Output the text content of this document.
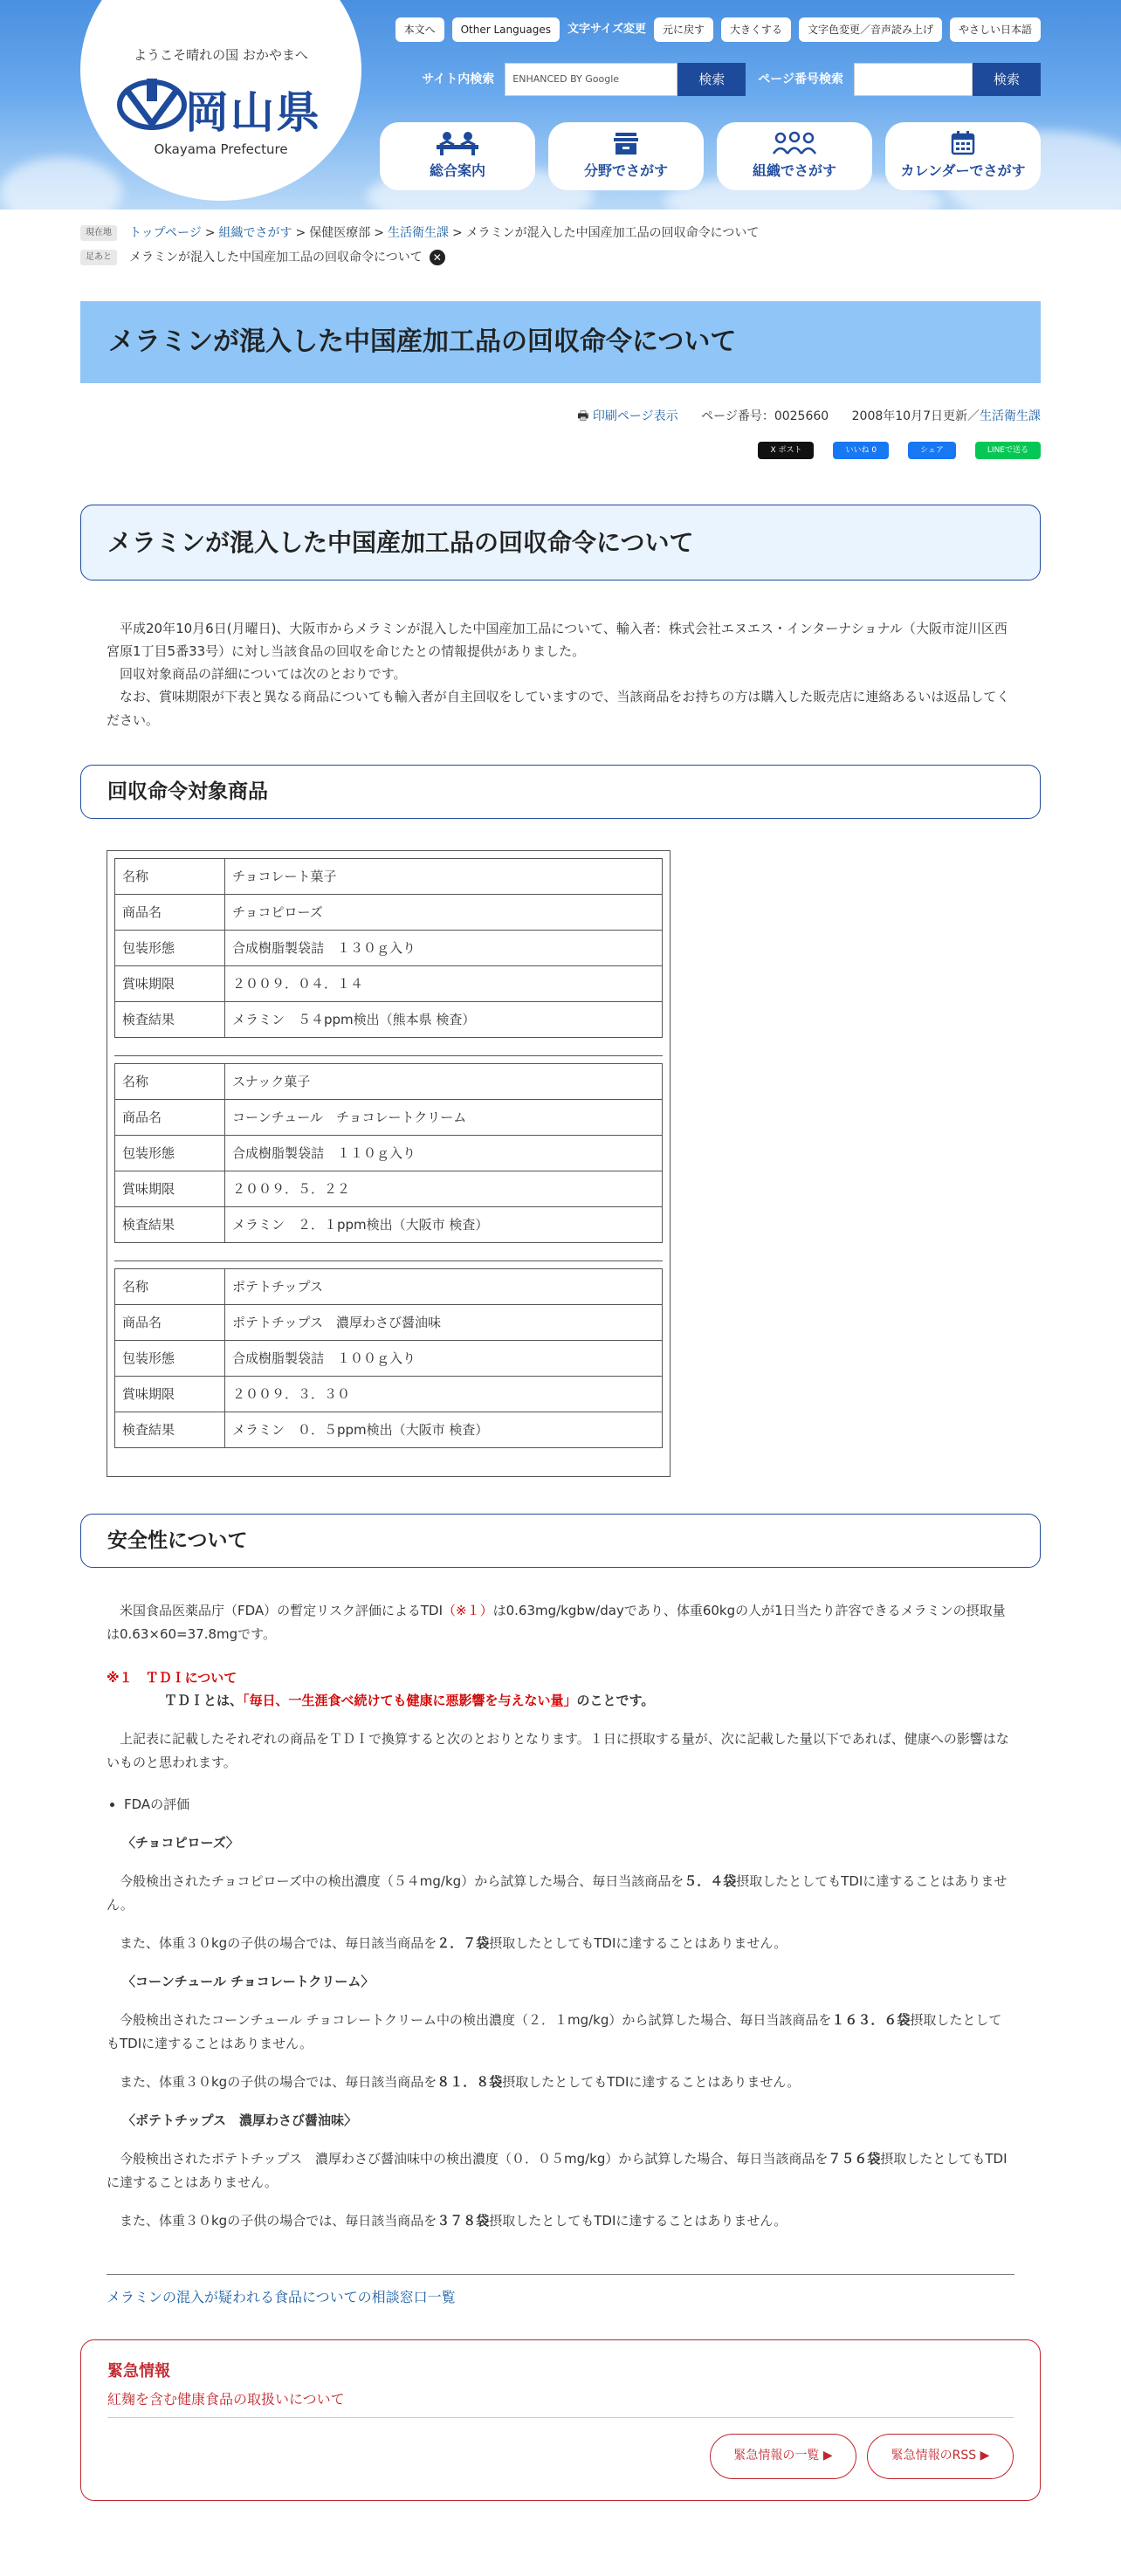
ようこそ晴れの国 おかやまへ
岡山県
Okayama Prefecture
本文へ	Other Languages	文字サイズ変更	元に戻す	大きくする	文字色変更／音声読み上げ	やさしい日本語
サイト内検索	ENHANCED BY Google	検索	ページ番号検索	検索
総合案内	分野でさがす	組織でさがす	カレンダーでさがす
現在地	トップページ > 組織でさがす > 保健医療部 > 生活衛生課 > メラミンが混入した中国産加工品の回収命令について
足あと	メラミンが混入した中国産加工品の回収命令について ✕
メラミンが混入した中国産加工品の回収命令について
🖶 印刷ページ表示 ページ番号：0025660 2008年10月7日更新／生活衛生課
X ポスト	いいね 0	シェア	LINEで送る
メラミンが混入した中国産加工品の回収命令について

平成20年10月6日(月曜日)、大阪市からメラミンが混入した中国産加工品について、輸入者：株式会社エヌエス・インターナショナル（大阪市淀川区西宮原1丁目5番33号）に対し当該食品の回収を命じたとの情報提供がありました。

回収対象商品の詳細については次のとおりです。

なお、賞味期限が下表と異なる商品についても輸入者が自主回収をしていますので、当該商品をお持ちの方は購入した販売店に連絡あるいは返品してください。

回収命令対象商品
名称	チョコレート菓子
商品名	チョコピローズ
包装形態	合成樹脂製袋詰　１３０ｇ入り
賞味期限	２００９．０４．１４
検査結果	メラミン　５４ppm検出（熊本県 検査）
名称	スナック菓子
商品名	コーンチュール　チョコレートクリーム
包装形態	合成樹脂製袋詰　１１０ｇ入り
賞味期限	２００９．５．２２
検査結果	メラミン　２．１ppm検出（大阪市 検査）
名称	ポテトチップス
商品名	ポテトチップス　濃厚わさび醤油味
包装形態	合成樹脂製袋詰　１００ｇ入り
賞味期限	２００９．３．３０
検査結果	メラミン　０．５ppm検出（大阪市 検査）
安全性について

米国食品医薬品庁（FDA）の暫定リスク評価によるTDI（※１）は0.63mg/kgbw/dayであり、体重60kgの人が1日当たり許容できるメラミンの摂取量は0.63×60=37.8mgです。

※１　ＴＤＩについて

ＴＤＩとは、「毎日、一生涯食べ続けても健康に悪影響を与えない量」のことです。

上記表に記載したそれぞれの商品をＴＤＩで換算すると次のとおりとなります。１日に摂取する量が、次に記載した量以下であれば、健康への影響はないものと思われます。

• FDAの評価

〈チョコピローズ〉

今般検出されたチョコピローズ中の検出濃度（５４mg/kg）から試算した場合、毎日当該商品を５．４袋摂取したとしてもTDIに達することはありません。

また、体重３０kgの子供の場合では、毎日該当商品を２．７袋摂取したとしてもTDIに達することはありません。

〈コーンチュール チョコレートクリーム〉

今般検出されたコーンチュール チョコレートクリーム中の検出濃度（２．１mg/kg）から試算した場合、毎日当該商品を１６３．６袋摂取したとしてもTDIに達することはありません。

また、体重３０kgの子供の場合では、毎日該当商品を８１．８袋摂取したとしてもTDIに達することはありません。

〈ポテトチップス　濃厚わさび醤油味〉

今般検出されたポテトチップス　濃厚わさび醤油味中の検出濃度（０．０５mg/kg）から試算した場合、毎日当該商品を７５６袋摂取したとしてもTDIに達することはありません。

また、体重３０kgの子供の場合では、毎日該当商品を３７８袋摂取したとしてもTDIに達することはありません。

メラミンの混入が疑われる食品についての相談窓口一覧
緊急情報
紅麹を含む健康食品の取扱いについて
緊急情報の一覧 ▶	緊急情報のRSS ▶
